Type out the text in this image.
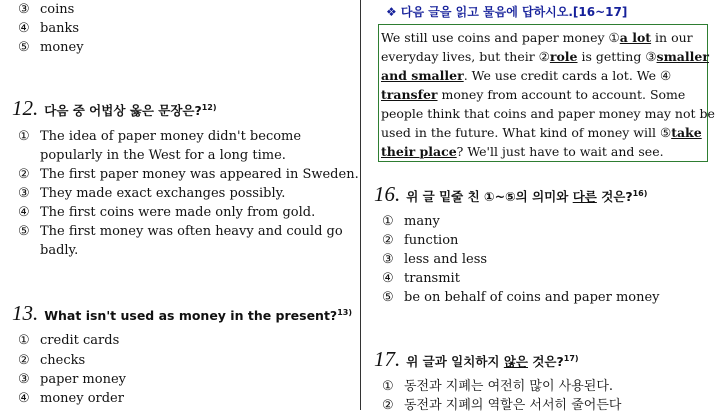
③ coins
④ banks
⑤ money
12. 다음 중 어법상 옳은 문장은?$^{12)}$
① The idea of paper money didn't become
popularly in the West for a long time.
② The first paper money was appeared in Sweden.
③ They made exact exchanges possibly.
④ The first coins were made only from gold.
⑤ The first money was often heavy and could go
badly.
13. What isn't used as money in the present?$^{13)}$
① credit cards
② checks
③ paper money
④ money order
❖ 다음 글을 읽고 물음에 답하시오.[16~17]
We still use coins and paper money ①a lot in our
everyday lives, but their ②role is getting ③smaller
and smaller. We use credit cards a lot. We ④
transfer money from account to account. Some
people think that coins and paper money may not be
used in the future. What kind of money will ⑤take
their place? We'll just have to wait and see.
16. 위 글 밑줄 친 ①~⑤의 의미와 다른 것은?$^{16)}$
① many
② function
③ less and less
④ transmit
⑤ be on behalf of coins and paper money
17. 위 글과 일치하지 않은 것은?$^{17)}$
① 동전과 지폐는 여전히 많이 사용된다.
② 동전과 지폐의 역할은 서서히 줄어든다
